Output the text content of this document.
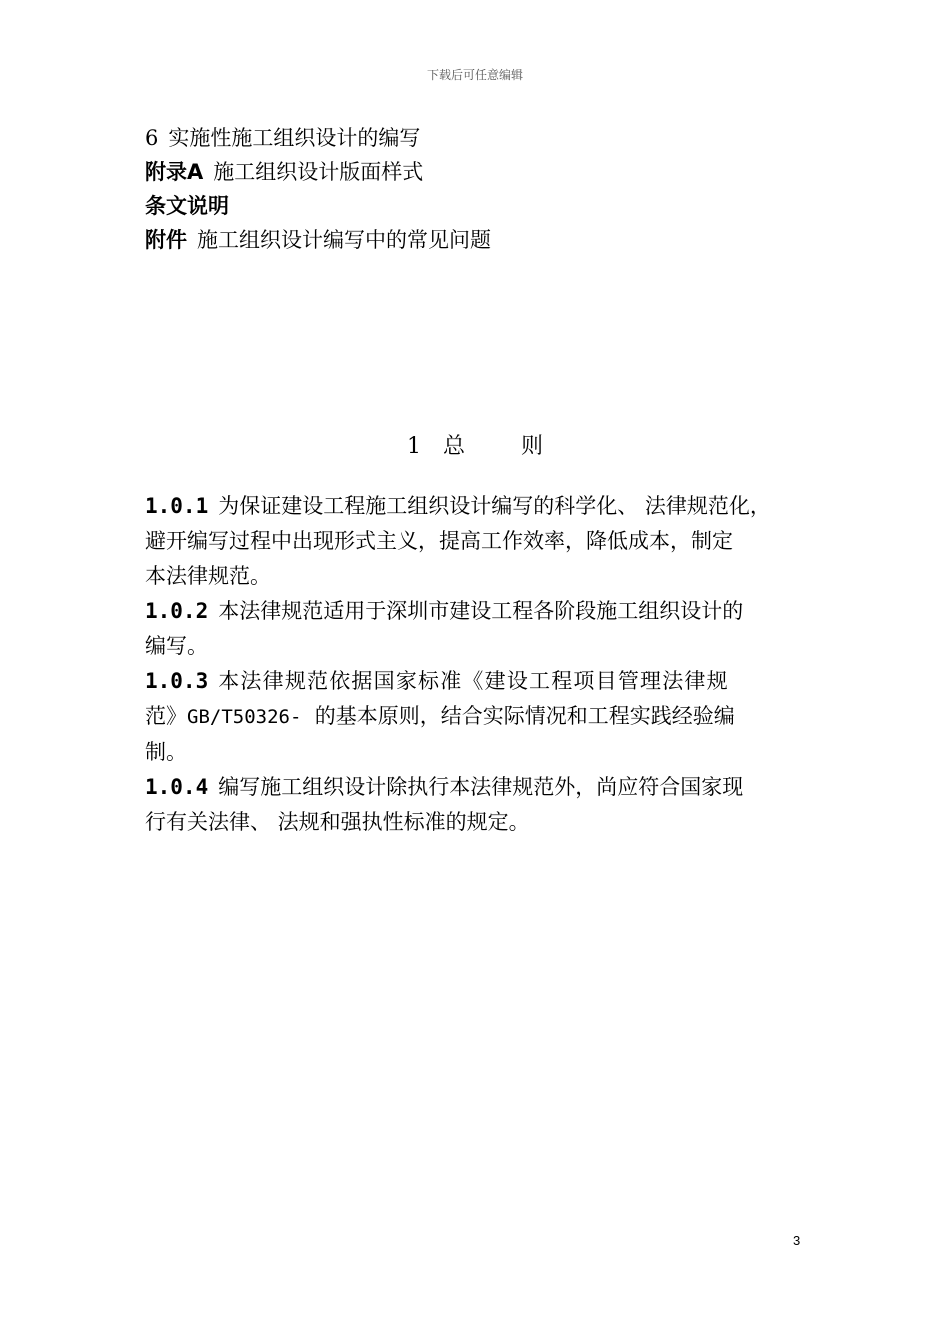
下载后可任意编辑
6 实施性施工组织设计的编写
附录A 施工组织设计版面样式
条文说明
附件 施工组织设计编写中的常见问题
1 总	则

1.0.1 为保证建设工程施工组织设计编写的科学化、 法律规范化，
避开编写过程中出现形式主义，提高工作效率，降低成本，制定
本法律规范。

1.0.2 本法律规范适用于深圳市建设工程各阶段施工组织设计的
编写。

1.0.3 本法律规范依据国家标准《建设工程项目管理法律规
范》GB/T50326-  的基本原则，结合实际情况和工程实践经验编
制。

1.0.4 编写施工组织设计除执行本法律规范外，尚应符合国家现
行有关法律、 法规和强执性标准的规定。

3
